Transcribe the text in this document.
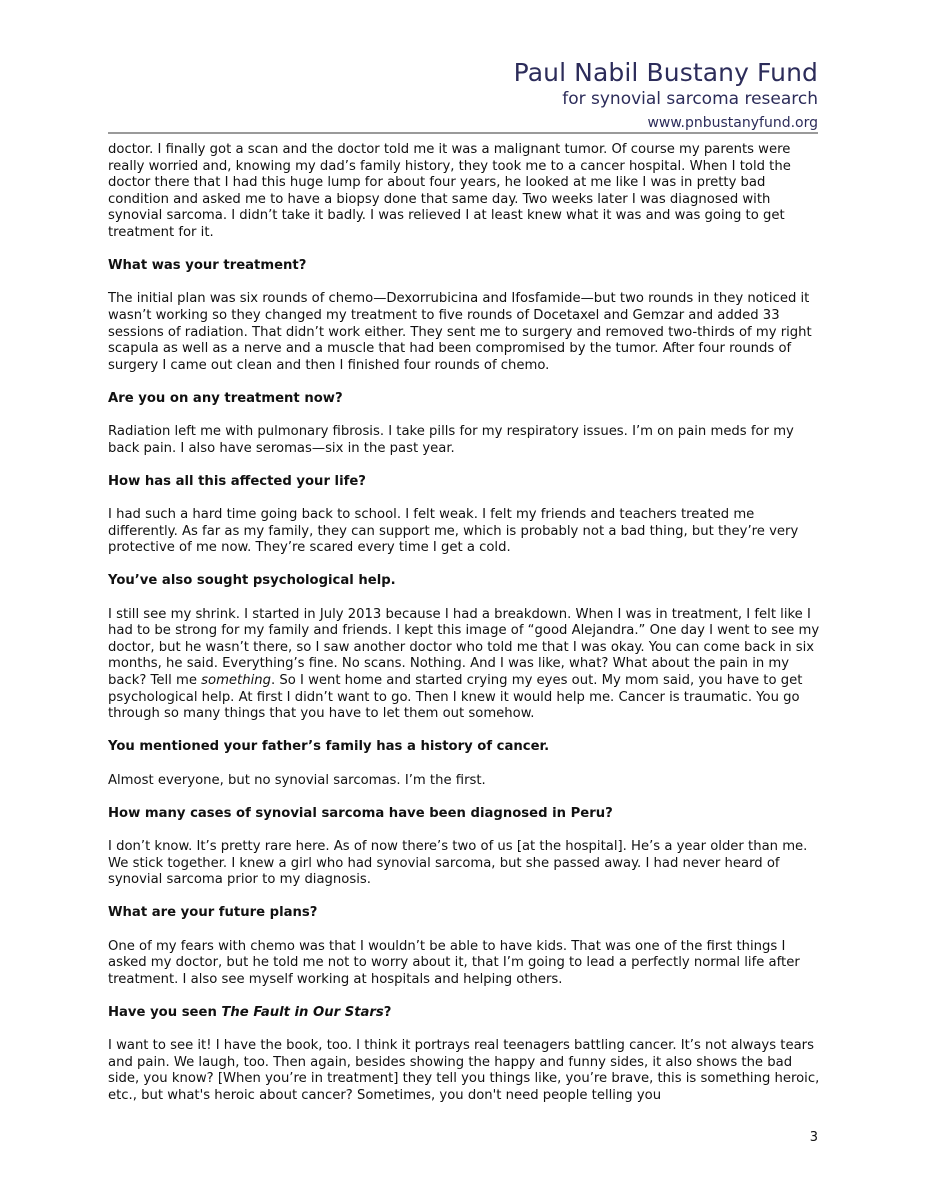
Paul Nabil Bustany Fund
for synovial sarcoma research
www.pnbustanyfund.org

doctor. I finally got a scan and the doctor told me it was a malignant tumor. Of course my parents were really worried and, knowing my dad’s family history, they took me to a cancer hospital. When I told the doctor there that I had this huge lump for about four years, he looked at me like I was in pretty bad condition and asked me to have a biopsy done that same day. Two weeks later I was diagnosed with synovial sarcoma. I didn’t take it badly. I was relieved I at least knew what it was and was going to get treatment for it.

What was your treatment?

The initial plan was six rounds of chemo—Dexorrubicina and Ifosfamide—but two rounds in they noticed it wasn’t working so they changed my treatment to five rounds of Docetaxel and Gemzar and added 33 sessions of radiation. That didn’t work either. They sent me to surgery and removed two-thirds of my right scapula as well as a nerve and a muscle that had been compromised by the tumor. After four rounds of surgery I came out clean and then I finished four rounds of chemo.

Are you on any treatment now?

Radiation left me with pulmonary fibrosis. I take pills for my respiratory issues. I’m on pain meds for my back pain. I also have seromas—six in the past year.

How has all this affected your life?

I had such a hard time going back to school. I felt weak. I felt my friends and teachers treated me differently. As far as my family, they can support me, which is probably not a bad thing, but they’re very protective of me now. They’re scared every time I get a cold.

You’ve also sought psychological help.

I still see my shrink. I started in July 2013 because I had a breakdown. When I was in treatment, I felt like I had to be strong for my family and friends. I kept this image of “good Alejandra.” One day I went to see my doctor, but he wasn’t there, so I saw another doctor who told me that I was okay. You can come back in six months, he said. Everything’s fine. No scans. Nothing. And I was like, what? What about the pain in my back? Tell me something. So I went home and started crying my eyes out. My mom said, you have to get psychological help. At first I didn’t want to go. Then I knew it would help me. Cancer is traumatic. You go through so many things that you have to let them out somehow.

You mentioned your father’s family has a history of cancer.

Almost everyone, but no synovial sarcomas. I’m the first.

How many cases of synovial sarcoma have been diagnosed in Peru?

I don’t know. It’s pretty rare here. As of now there’s two of us [at the hospital]. He’s a year older than me. We stick together. I knew a girl who had synovial sarcoma, but she passed away. I had never heard of synovial sarcoma prior to my diagnosis.

What are your future plans?

One of my fears with chemo was that I wouldn’t be able to have kids. That was one of the first things I asked my doctor, but he told me not to worry about it, that I’m going to lead a perfectly normal life after treatment. I also see myself working at hospitals and helping others.

Have you seen The Fault in Our Stars?

I want to see it! I have the book, too. I think it portrays real teenagers battling cancer. It’s not always tears and pain. We laugh, too. Then again, besides showing the happy and funny sides, it also shows the bad side, you know? [When you’re in treatment] they tell you things like, you’re brave, this is something heroic, etc., but what's heroic about cancer? Sometimes, you don't need people telling you

3
